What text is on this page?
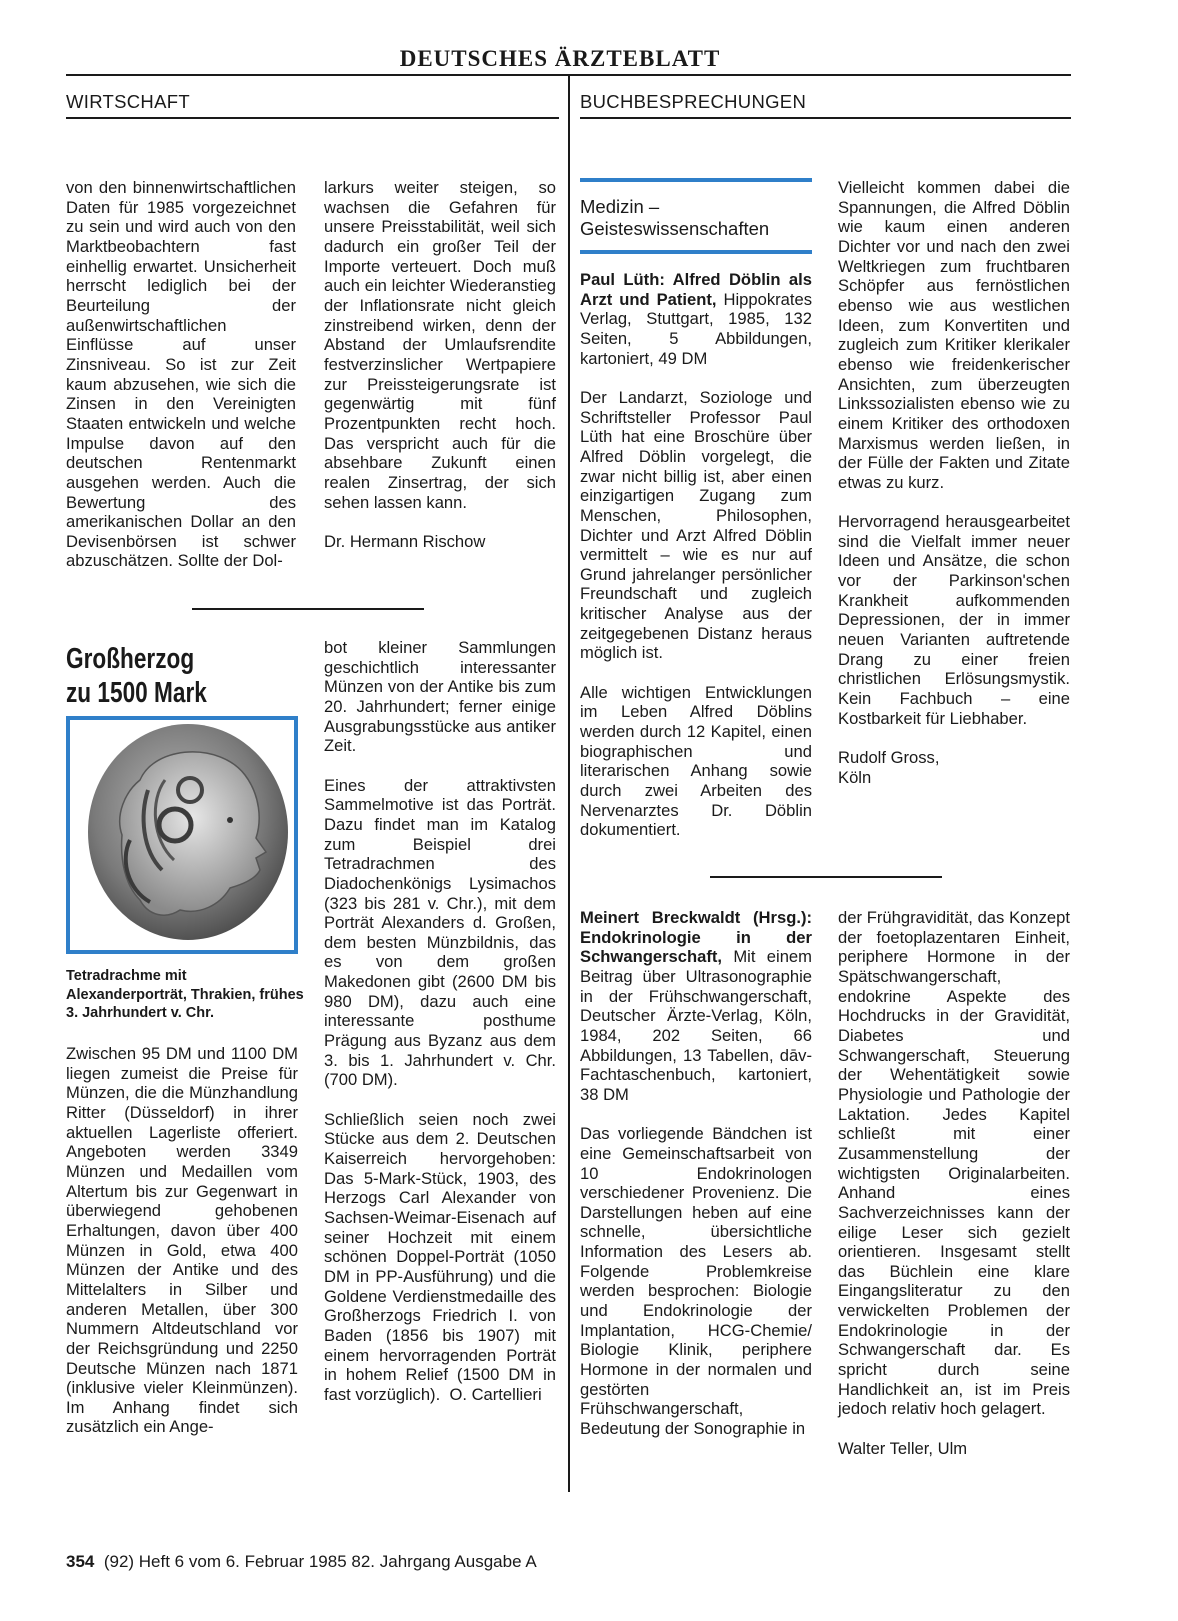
DEUTSCHES ÄRZTEBLATT
WIRTSCHAFT	BUCHBESPRECHUNGEN

von den binnenwirtschaftlichen Daten für 1985 vorgezeichnet zu sein und wird auch von den Marktbeobachtern fast einhellig erwartet. Unsicherheit herrscht lediglich bei der Beurteilung der außenwirtschaftlichen Einflüsse auf unser Zinsniveau. So ist zur Zeit kaum abzusehen, wie sich die Zinsen in den Vereinigten Staaten entwickeln und welche Impulse davon auf den deutschen Rentenmarkt ausgehen werden. Auch die Bewertung des amerikanischen Dollar an den Devisenbörsen ist schwer abzuschätzen. Sollte der Dol-

larkurs weiter steigen, so wachsen die Gefahren für unsere Preisstabilität, weil sich dadurch ein großer Teil der Importe verteuert. Doch muß auch ein leichter Wiederanstieg der Inflationsrate nicht gleich zinstreibend wirken, denn der Abstand der Umlaufsrendite festverzinslicher Wertpapiere zur Preissteigerungsrate ist gegenwärtig mit fünf Prozentpunkten recht hoch. Das verspricht auch für die absehbare Zukunft einen realen Zinsertrag, der sich sehen lassen kann.

Dr. Hermann Rischow
Großherzog
zu 1500 Mark
Tetradrachme mit Alexanderporträt, Thrakien, frühes 3. Jahrhundert v. Chr.

Zwischen 95 DM und 1100 DM liegen zumeist die Preise für Münzen, die die Münzhandlung Ritter (Düsseldorf) in ihrer aktuellen Lagerliste offeriert. Angeboten werden 3349 Münzen und Medaillen vom Altertum bis zur Gegenwart in überwiegend gehobenen Erhaltungen, davon über 400 Münzen in Gold, etwa 400 Münzen der Antike und des Mittelalters in Silber und anderen Metallen, über 300 Nummern Altdeutschland vor der Reichsgründung und 2250 Deutsche Münzen nach 1871 (inklusive vieler Kleinmünzen). Im Anhang findet sich zusätzlich ein Ange-

bot kleiner Sammlungen geschichtlich interessanter Münzen von der Antike bis zum 20. Jahrhundert; ferner einige Ausgrabungsstücke aus antiker Zeit.

Eines der attraktivsten Sammelmotive ist das Porträt. Dazu findet man im Katalog zum Beispiel drei Tetradrachmen des Diadochenkönigs Lysimachos (323 bis 281 v. Chr.), mit dem Porträt Alexanders d. Großen, dem besten Münzbildnis, das es von dem großen Makedonen gibt (2600 DM bis 980 DM), dazu auch eine interessante posthume Prägung aus Byzanz aus dem 3. bis 1. Jahrhundert v. Chr. (700 DM).

Schließlich seien noch zwei Stücke aus dem 2. Deutschen Kaiserreich hervorgehoben: Das 5-Mark-Stück, 1903, des Herzogs Carl Alexander von Sachsen-Weimar-Eisenach auf seiner Hochzeit mit einem schönen Doppel-Porträt (1050 DM in PP-Ausführung) und die Goldene Verdienstmedaille des Großherzogs Friedrich I. von Baden (1856 bis 1907) mit einem hervorragenden Porträt in hohem Relief (1500 DM in fast vorzüglich). O. Cartellieri

Medizin –
Geisteswissenschaften

Paul Lüth: Alfred Döblin als Arzt und Patient, Hippokrates Verlag, Stuttgart, 1985, 132 Seiten, 5 Abbildungen, kartoniert, 49 DM

Der Landarzt, Soziologe und Schriftsteller Professor Paul Lüth hat eine Broschüre über Alfred Döblin vorgelegt, die zwar nicht billig ist, aber einen einzigartigen Zugang zum Menschen, Philosophen, Dichter und Arzt Alfred Döblin vermittelt – wie es nur auf Grund jahrelanger persönlicher Freundschaft und zugleich kritischer Analyse aus der zeitgegebenen Distanz heraus möglich ist.

Alle wichtigen Entwicklungen im Leben Alfred Döblins werden durch 12 Kapitel, einen biographischen und literarischen Anhang sowie durch zwei Arbeiten des Nervenarztes Dr. Döblin dokumentiert.

Vielleicht kommen dabei die Spannungen, die Alfred Döblin wie kaum einen anderen Dichter vor und nach den zwei Weltkriegen zum fruchtbaren Schöpfer aus fernöstlichen ebenso wie aus westlichen Ideen, zum Konvertiten und zugleich zum Kritiker klerikaler ebenso wie freidenkerischer Ansichten, zum überzeugten Linkssozialisten ebenso wie zu einem Kritiker des orthodoxen Marxismus werden ließen, in der Fülle der Fakten und Zitate etwas zu kurz.

Hervorragend herausgearbeitet sind die Vielfalt immer neuer Ideen und Ansätze, die schon vor der Parkinson'schen Krankheit aufkommenden Depressionen, der in immer neuen Varianten auftretende Drang zu einer freien christlichen Erlösungsmystik. Kein Fachbuch – eine Kostbarkeit für Liebhaber.

Rudolf Gross,
Köln

Meinert Breckwaldt (Hrsg.): Endokrinologie in der Schwangerschaft, Mit einem Beitrag über Ultrasonographie in der Frühschwangerschaft, Deutscher Ärzte-Verlag, Köln, 1984, 202 Seiten, 66 Abbildungen, 13 Tabellen, dāv-Fachtaschenbuch, kartoniert, 38 DM

Das vorliegende Bändchen ist eine Gemeinschaftsarbeit von 10 Endokrinologen verschiedener Provenienz. Die Darstellungen heben auf eine schnelle, übersichtliche Information des Lesers ab. Folgende Problemkreise werden besprochen: Biologie und Endokrinologie der Implantation, HCG-Chemie/ Biologie Klinik, periphere Hormone in der normalen und gestörten Frühschwangerschaft, Bedeutung der Sonographie in

der Frühgravidität, das Konzept der foetoplazentaren Einheit, periphere Hormone in der Spätschwangerschaft, endokrine Aspekte des Hochdrucks in der Gravidität, Diabetes und Schwangerschaft, Steuerung der Wehentätigkeit sowie Physiologie und Pathologie der Laktation. Jedes Kapitel schließt mit einer Zusammenstellung der wichtigsten Originalarbeiten. Anhand eines Sachverzeichnisses kann der eilige Leser sich gezielt orientieren. Insgesamt stellt das Büchlein eine klare Eingangsliteratur zu den verwickelten Problemen der Endokrinologie in der Schwangerschaft dar. Es spricht durch seine Handlichkeit an, ist im Preis jedoch relativ hoch gelagert.

Walter Teller, Ulm
354 (92) Heft 6 vom 6. Februar 1985 82. Jahrgang Ausgabe A
